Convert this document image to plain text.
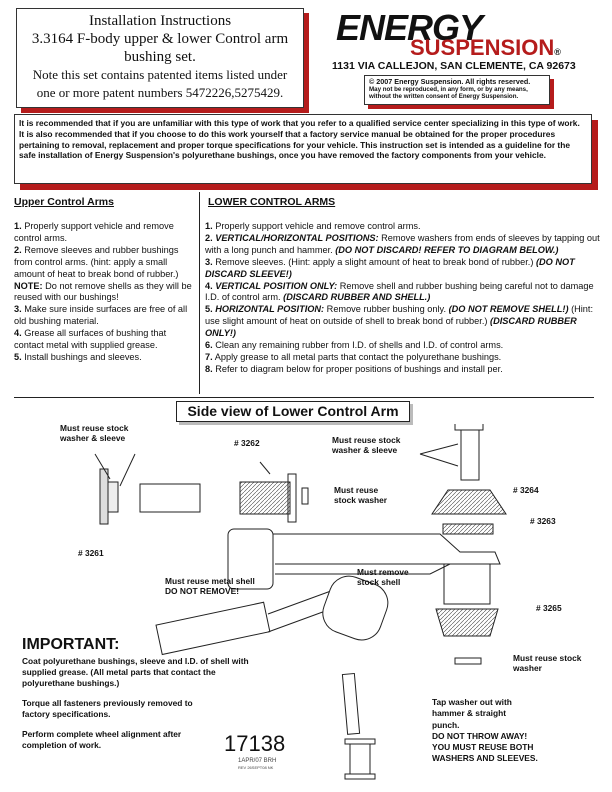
Installation Instructions
3.3164 F-body upper & lower Control arm
bushing set.
Note this set contains patented items listed under
one or more patent numbers 5472226,5275429.
ENERGY
SUSPENSION®
1131 VIA CALLEJON, SAN CLEMENTE, CA 92673
© 2007 Energy Suspension. All rights reserved.
May not be reproduced, in any form, or by any means, without the written consent of Energy Suspension.
It is recommended that if you are unfamiliar with this type of work that you refer to a qualified service center specializing in this type of work. It is also recommended that if you choose to do this work yourself that a factory service manual be obtained for the proper procedures pertaining to removal, replacement and proper torque specifications for your vehicle. This instruction set is intended as a guideline for the safe installation of Energy Suspension's polyurethane bushings, once you have removed the factory components from your vehicle.
Upper Control Arms

1. Properly support vehicle and remove control arms.

2. Remove sleeves and rubber bushings from control arms. (hint: apply a small amount of heat to break bond of rubber.)

NOTE: Do not remove shells as they will be reused with our bushings!

3. Make sure inside surfaces are free of all old bushing material.

4. Grease all surfaces of bushing that contact metal with supplied grease.

5. Install bushings and sleeves.

LOWER CONTROL ARMS

1. Properly support vehicle and remove control arms.

2. VERTICAL/HORIZONTAL POSITIONS: Remove washers from ends of sleeves by tapping out with a long punch and hammer. (DO NOT DISCARD! REFER TO DIAGRAM BELOW.)

3. Remove sleeves. (Hint: apply a slight amount of heat to break bond of rubber.) (DO NOT DISCARD SLEEVE!)

4. VERTICAL POSITION ONLY: Remove shell and rubber bushing being careful not to damage I.D. of control arm. (DISCARD RUBBER AND SHELL.)

5. HORIZONTAL POSITION: Remove rubber bushing only. (DO NOT REMOVE SHELL!) (Hint: use slight amount of heat on outside of shell to break bond of rubber.) (DISCARD RUBBER ONLY!)

6. Clean any remaining rubber from I.D. of shells and I.D. of control arms.

7. Apply grease to all metal parts that contact the polyurethane bushings.

8. Refer to diagram below for proper positions of bushings and install per.

Side view of Lower Control Arm
Must reuse stock washer & sleeve	# 3262	Must reuse stock washer & sleeve
# 3264
Must reuse stock washer
# 3263
# 3261
Must remove stock shell
Must reuse metal shell DO NOT REMOVE!
# 3265
Must reuse stock washer
IMPORTANT:

Coat polyurethane bushings, sleeve and I.D. of shell with supplied grease. (All metal parts that contact the polyurethane bushings.)

Torque all fasteners previously removed to factory specifications.

Perform complete wheel alignment after completion of work.	17138
1APR/07 BRH
REV 26SEPT08 NK
Tap washer out with
hammer & straight
punch.
DO NOT THROW AWAY!
YOU MUST REUSE BOTH
WASHERS AND SLEEVES.
